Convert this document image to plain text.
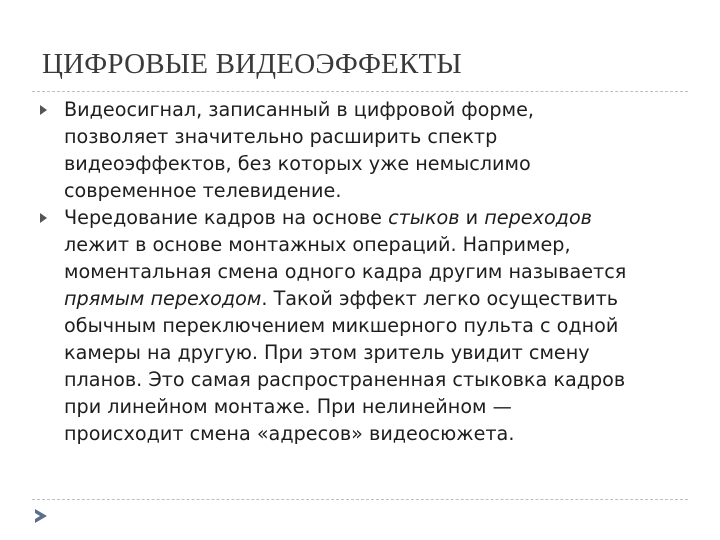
ЦИФРОВЫЕ ВИДЕОЭФФЕКТЫ
Видеосигнал, записанный в цифровой форме,
позволяет значительно расширить спектр
видеоэффектов, без которых уже немыслимо
современное телевидение.
Чередование кадров на основе стыков и переходов
лежит в основе монтажных операций. Например,
моментальная смена одного кадра другим называется
прямым переходом. Такой эффект легко осуществить
обычным переключением микшерного пульта с одной
камеры на другую. При этом зритель увидит смену
планов. Это самая распространенная стыковка кадров
при линейном монтаже. При нелинейном —
происходит смена «адресов» видеосюжета.
